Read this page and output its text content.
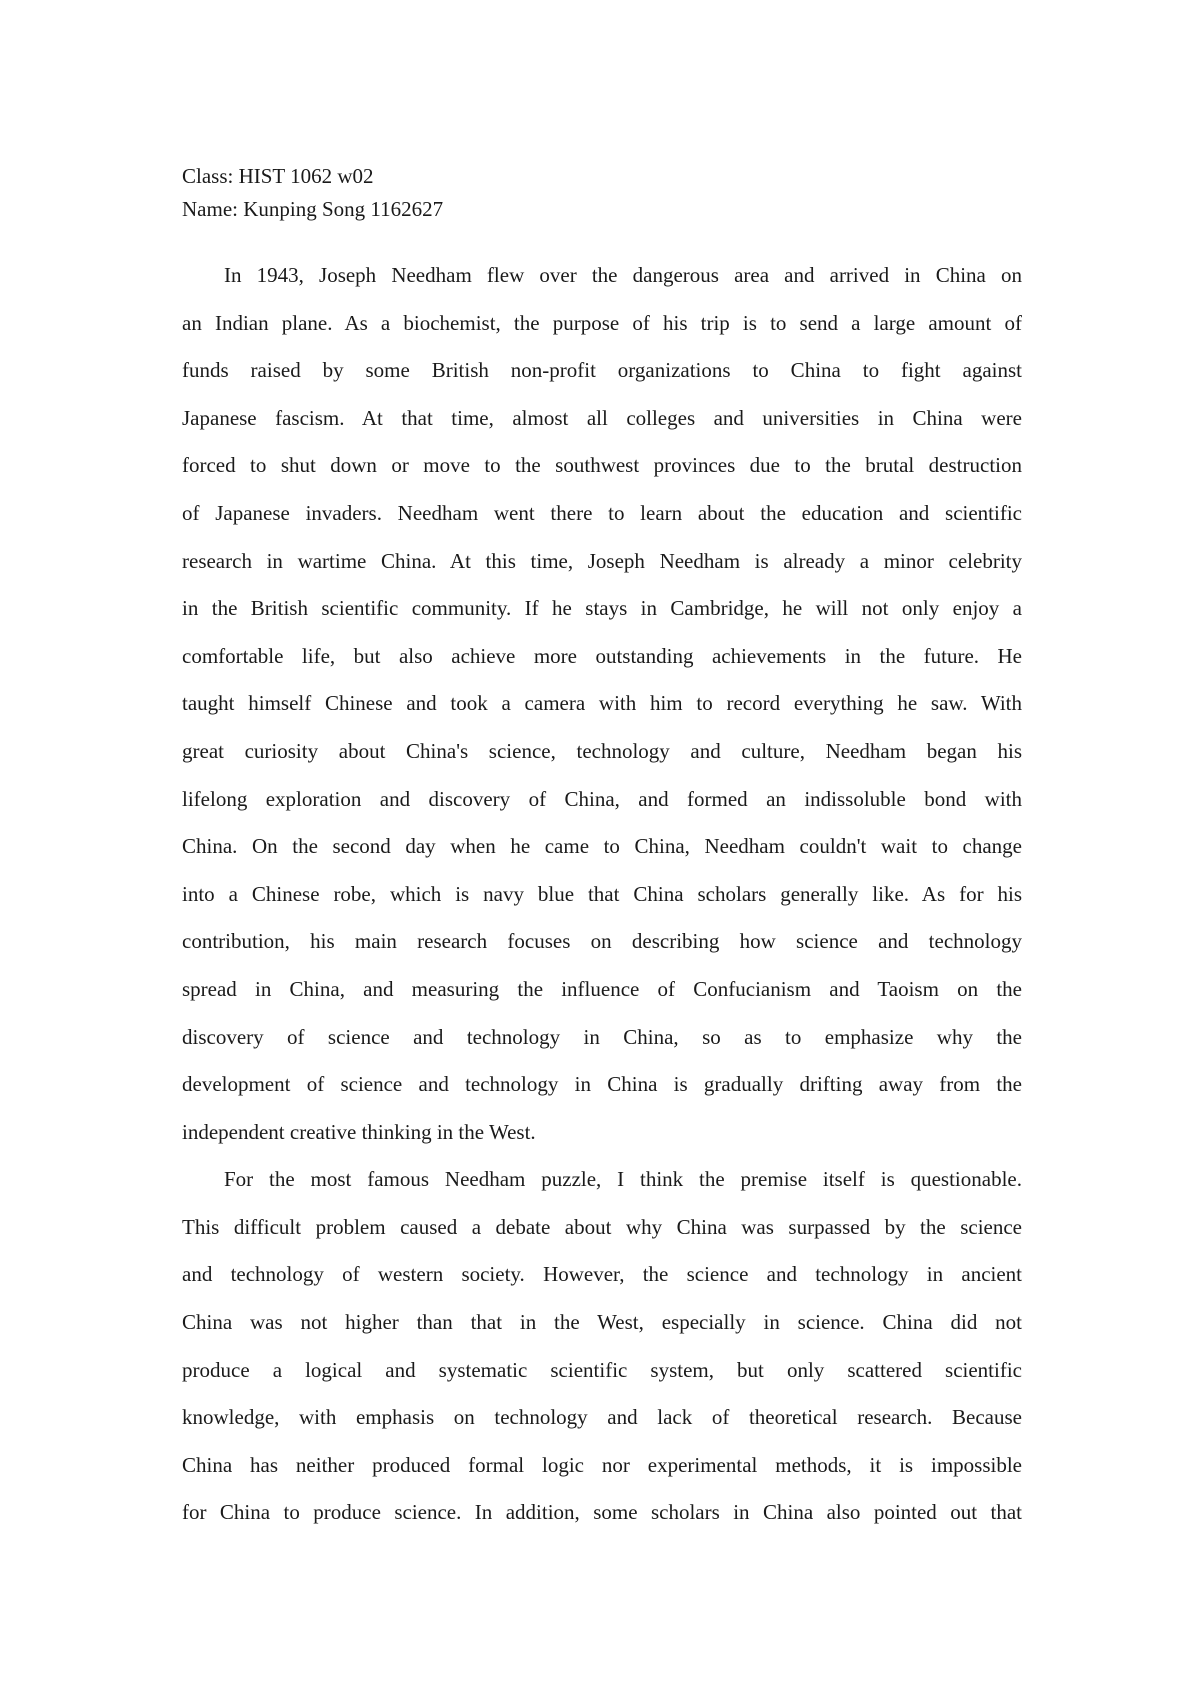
Class: HIST 1062 w02
Name: Kunping Song 1162627
In 1943, Joseph Needham flew over the dangerous area and arrived in China on
an Indian plane. As a biochemist, the purpose of his trip is to send a large amount of
funds raised by some British non-profit organizations to China to fight against
Japanese fascism. At that time, almost all colleges and universities in China were
forced to shut down or move to the southwest provinces due to the brutal destruction
of Japanese invaders. Needham went there to learn about the education and scientific
research in wartime China. At this time, Joseph Needham is already a minor celebrity
in the British scientific community. If he stays in Cambridge, he will not only enjoy a
comfortable life, but also achieve more outstanding achievements in the future. He
taught himself Chinese and took a camera with him to record everything he saw. With
great curiosity about China's science, technology and culture, Needham began his
lifelong exploration and discovery of China, and formed an indissoluble bond with
China. On the second day when he came to China, Needham couldn't wait to change
into a Chinese robe, which is navy blue that China scholars generally like. As for his
contribution, his main research focuses on describing how science and technology
spread in China, and measuring the influence of Confucianism and Taoism on the
discovery of science and technology in China, so as to emphasize why the
development of science and technology in China is gradually drifting away from the
independent creative thinking in the West.
For the most famous Needham puzzle, I think the premise itself is questionable.
This difficult problem caused a debate about why China was surpassed by the science
and technology of western society. However, the science and technology in ancient
China was not higher than that in the West, especially in science. China did not
produce a logical and systematic scientific system, but only scattered scientific
knowledge, with emphasis on technology and lack of theoretical research. Because
China has neither produced formal logic nor experimental methods, it is impossible
for China to produce science. In addition, some scholars in China also pointed out that
